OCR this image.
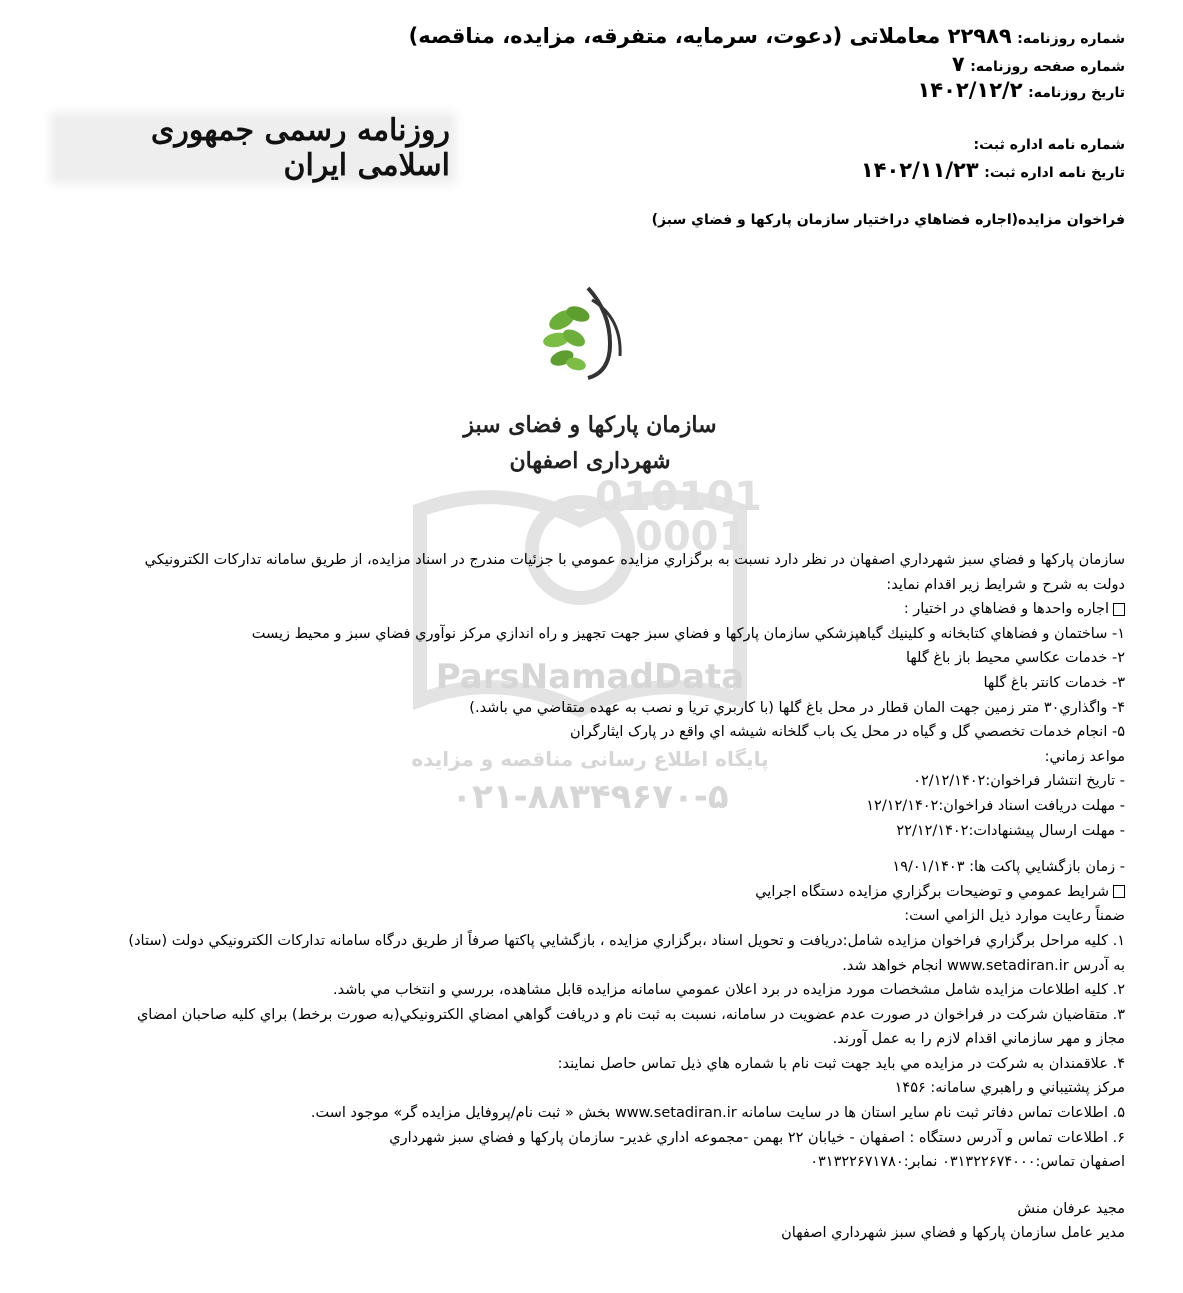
شماره روزنامه: ۲۲۹۸۹ معاملاتی (دعوت، سرمایه، متفرقه، مزایده، مناقصه)
شماره صفحه روزنامه: ۷
تاریخ روزنامه: ۱۴۰۲/۱۲/۲
شماره نامه اداره ثبت:
تاریخ نامه اداره ثبت: ۱۴۰۲/۱۱/۲۳
روزنامه رسمی جمهوری اسلامی ایران
فراخوان مزايده(اجاره فضاهاي دراختيار سازمان پاركها و فضاي سبز)
010101
0001
ParsNamadData
پایگاه اطلاع رسانی مناقصه و مزایده
۰۲۱-۸۸۳۴۹۶۷۰-۵
سازمان پارکها و فضای سبز
شهرداری اصفهان

سازمان پاركها و فضاي سبز شهرداري اصفهان در نظر دارد نسبت به برگزاري مزايده عمومي با جزئيات مندرج در اسناد مزايده، از طريق سامانه تداركات الكترونيكي

دولت به شرح و شرايط زير اقدام نمايد:

اجاره واحدها و فضاهاي در اختيار :

۱- ساختمان و فضاهاي كتابخانه و كلينيك گياهپزشكي سازمان پاركها و فضاي سبز جهت تجهيز و راه اندازي مركز نوآوري فضاي سبز و محيط زيست

۲- خدمات عكاسي محيط باز باغ گلها

۳- خدمات كانتر باغ گلها

۴- واگذاري۳۰ متر زمين جهت المان قطار در محل باغ گلها (با كاربري تريا و نصب به عهده متقاضي مي باشد.)

۵- انجام خدمات تخصصي گل و گياه در محل يک باب گلخانه شيشه اي واقع در پارک ايثارگران

مواعد زماني:

- تاريخ انتشار فراخوان:۰۲/۱۲/۱۴۰۲

- مهلت دريافت اسناد فراخوان:۱۲/۱۲/۱۴۰۲

- مهلت ارسال پيشنهادات:۲۲/۱۲/۱۴۰۲

- زمان بازگشايي پاكت ها: ۱۹/۰۱/۱۴۰۳

شرايط عمومي و توضيحات برگزاري مزايده دستگاه اجرايي

ضمناً رعايت موارد ذيل الزامي است:

۱. كليه مراحل برگزاري فراخوان مزايده شامل:دريافت و تحويل اسناد ،برگزاري مزايده ، بازگشايي پاكتها صرفاً از طريق درگاه سامانه تداركات الكترونيكي دولت (ستاد)

به آدرس www.setadiran.ir انجام خواهد شد.

۲. كليه اطلاعات مزايده شامل مشخصات مورد مزايده در برد اعلان عمومي سامانه مزايده قابل مشاهده، بررسي و انتخاب مي باشد.

۳. متقاضيان شركت در فراخوان در صورت عدم عضويت در سامانه، نسبت به ثبت نام و دريافت گواهي امضاي الكترونيكي(به صورت برخط) براي كليه صاحبان امضاي

مجاز و مهر سازماني اقدام لازم را به عمل آورند.

۴. علاقمندان به شركت در مزايده مي بايد جهت ثبت نام با شماره هاي ذيل تماس حاصل نمايند:

مركز پشتيباني و راهبري سامانه: ۱۴۵۶

۵. اطلاعات تماس دفاتر ثبت نام ساير استان ها در سايت سامانه www.setadiran.ir بخش « ثبت نام/پروفايل مزايده گر» موجود است.

۶. اطلاعات تماس و آدرس دستگاه : اصفهان - خيابان ۲۲ بهمن -مجموعه اداري غدير- سازمان پاركها و فضاي سبز شهرداري

اصفهان تماس:۰۳۱۳۲۲۶۷۴۰۰۰ نمابر:۰۳۱۳۲۲۶۷۱۷۸۰

مجيد عرفان منش

مدير عامل سازمان پاركها و فضاي سبز شهرداري اصفهان
